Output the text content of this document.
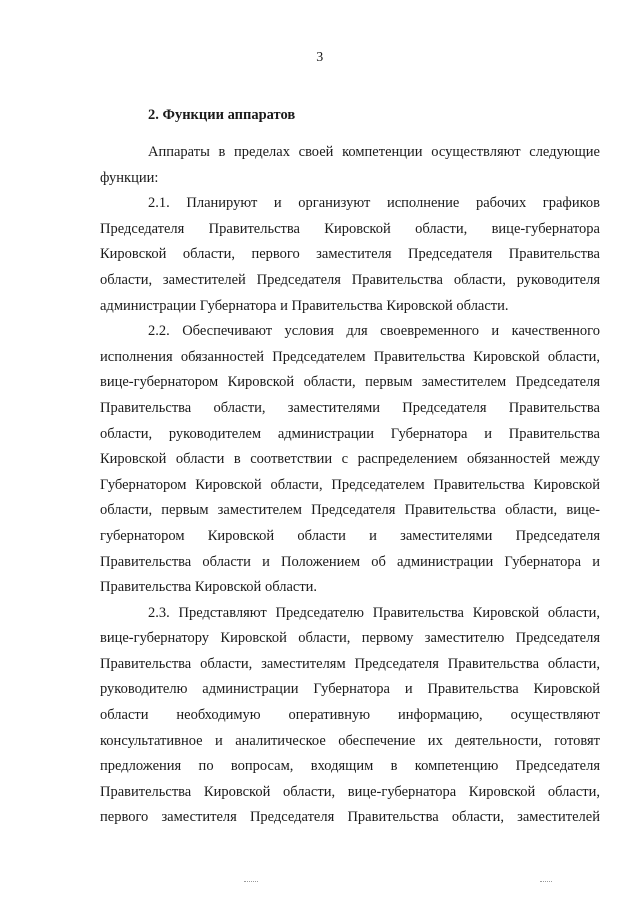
3

2. Функции аппаратов

Аппараты в пределах своей компетенции осуществляют следующие
функции:
2.1. Планируют и организуют исполнение рабочих графиков
Председателя Правительства Кировской области, вице-губернатора
Кировской области, первого заместителя Председателя Правительства
области, заместителей Председателя Правительства области, руководителя
администрации Губернатора и Правительства Кировской области.
2.2. Обеспечивают условия для своевременного и качественного
исполнения обязанностей Председателем Правительства Кировской области,
вице-губернатором Кировской области, первым заместителем Председателя
Правительства области, заместителями Председателя Правительства
области, руководителем администрации Губернатора и Правительства
Кировской области в соответствии с распределением обязанностей между
Губернатором Кировской области, Председателем Правительства Кировской
области, первым заместителем Председателя Правительства области, вице-
губернатором Кировской области и заместителями Председателя
Правительства области и Положением об администрации Губернатора и
Правительства Кировской области.
2.3. Представляют Председателю Правительства Кировской области,
вице-губернатору Кировской области, первому заместителю Председателя
Правительства области, заместителям Председателя Правительства области,
руководителю администрации Губернатора и Правительства Кировской
области необходимую оперативную информацию, осуществляют
консультативное и аналитическое обеспечение их деятельности, готовят
предложения по вопросам, входящим в компетенцию Председателя
Правительства Кировской области, вице-губернатора Кировской области,
первого заместителя Председателя Правительства области, заместителей
